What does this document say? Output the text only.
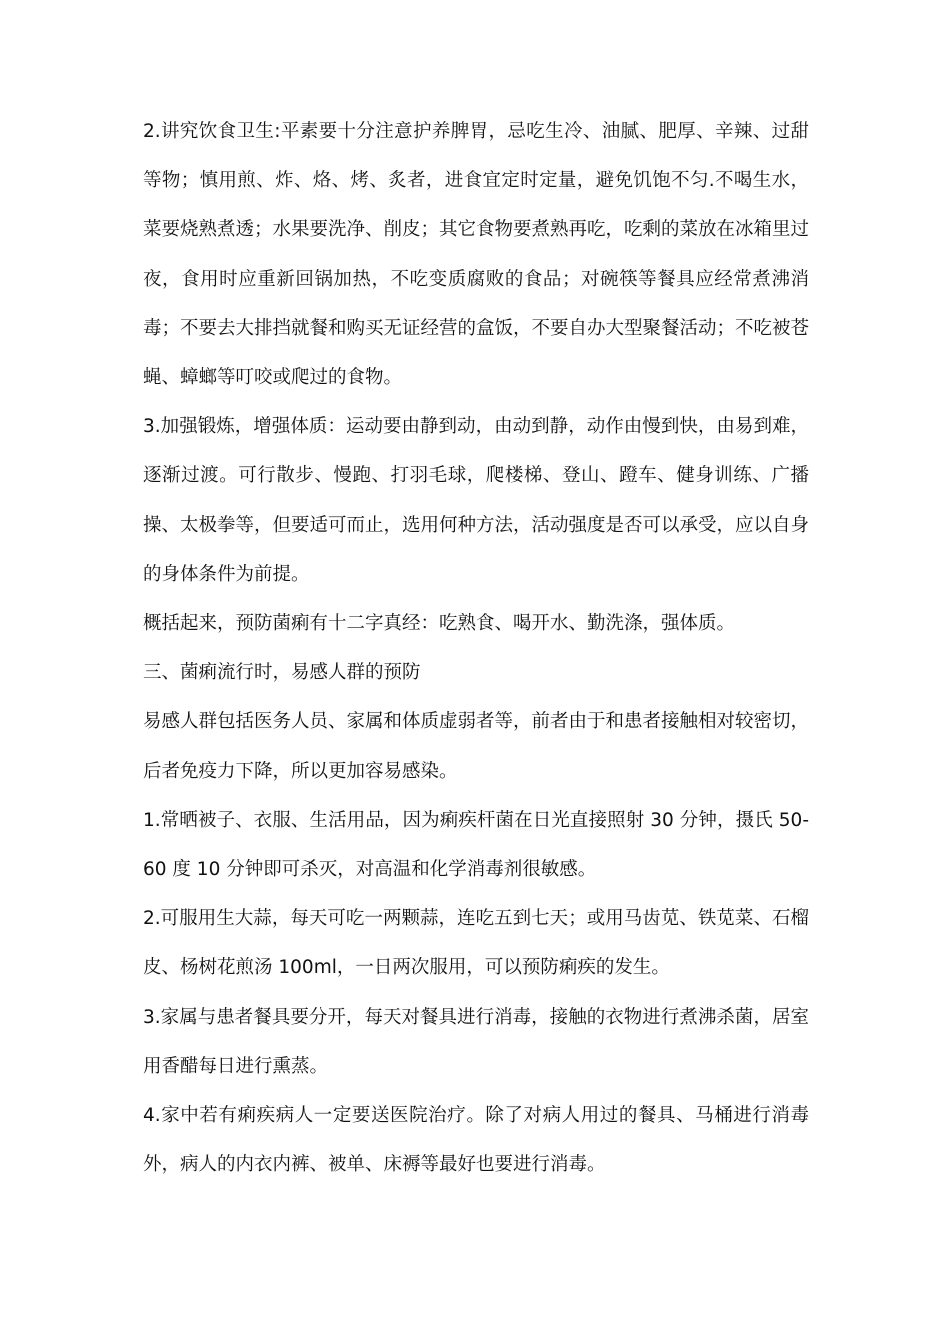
2.讲究饮食卫生:平素要十分注意护养脾胃，忌吃生冷、油腻、肥厚、辛辣、过甜等物；慎用煎、炸、烙、烤、炙者，进食宜定时定量，避免饥饱不匀.不喝生水，菜要烧熟煮透；水果要洗净、削皮；其它食物要煮熟再吃，吃剩的菜放在冰箱里过夜，食用时应重新回锅加热，不吃变质腐败的食品；对碗筷等餐具应经常煮沸消毒；不要去大排挡就餐和购买无证经营的盒饭，不要自办大型聚餐活动；不吃被苍蝇、蟑螂等叮咬或爬过的食物。

3.加强锻炼，增强体质：运动要由静到动，由动到静，动作由慢到快，由易到难，逐渐过渡。可行散步、慢跑、打羽毛球，爬楼梯、登山、蹬车、健身训练、广播操、太极拳等，但要适可而止，选用何种方法，活动强度是否可以承受，应以自身的身体条件为前提。

概括起来，预防菌痢有十二字真经：吃熟食、喝开水、勤洗涤，强体质。

三、菌痢流行时，易感人群的预防

易感人群包括医务人员、家属和体质虚弱者等，前者由于和患者接触相对较密切，后者免疫力下降，所以更加容易感染。

1.常晒被子、衣服、生活用品，因为痢疾杆菌在日光直接照射 30 分钟，摄氏 50-60 度 10 分钟即可杀灭，对高温和化学消毒剂很敏感。

2.可服用生大蒜，每天可吃一两颗蒜，连吃五到七天；或用马齿苋、铁苋菜、石榴皮、杨树花煎汤 100ml，一日两次服用，可以预防痢疾的发生。

3.家属与患者餐具要分开，每天对餐具进行消毒，接触的衣物进行煮沸杀菌，居室用香醋每日进行熏蒸。

4.家中若有痢疾病人一定要送医院治疗。除了对病人用过的餐具、马桶进行消毒外，病人的内衣内裤、被单、床褥等最好也要进行消毒。
